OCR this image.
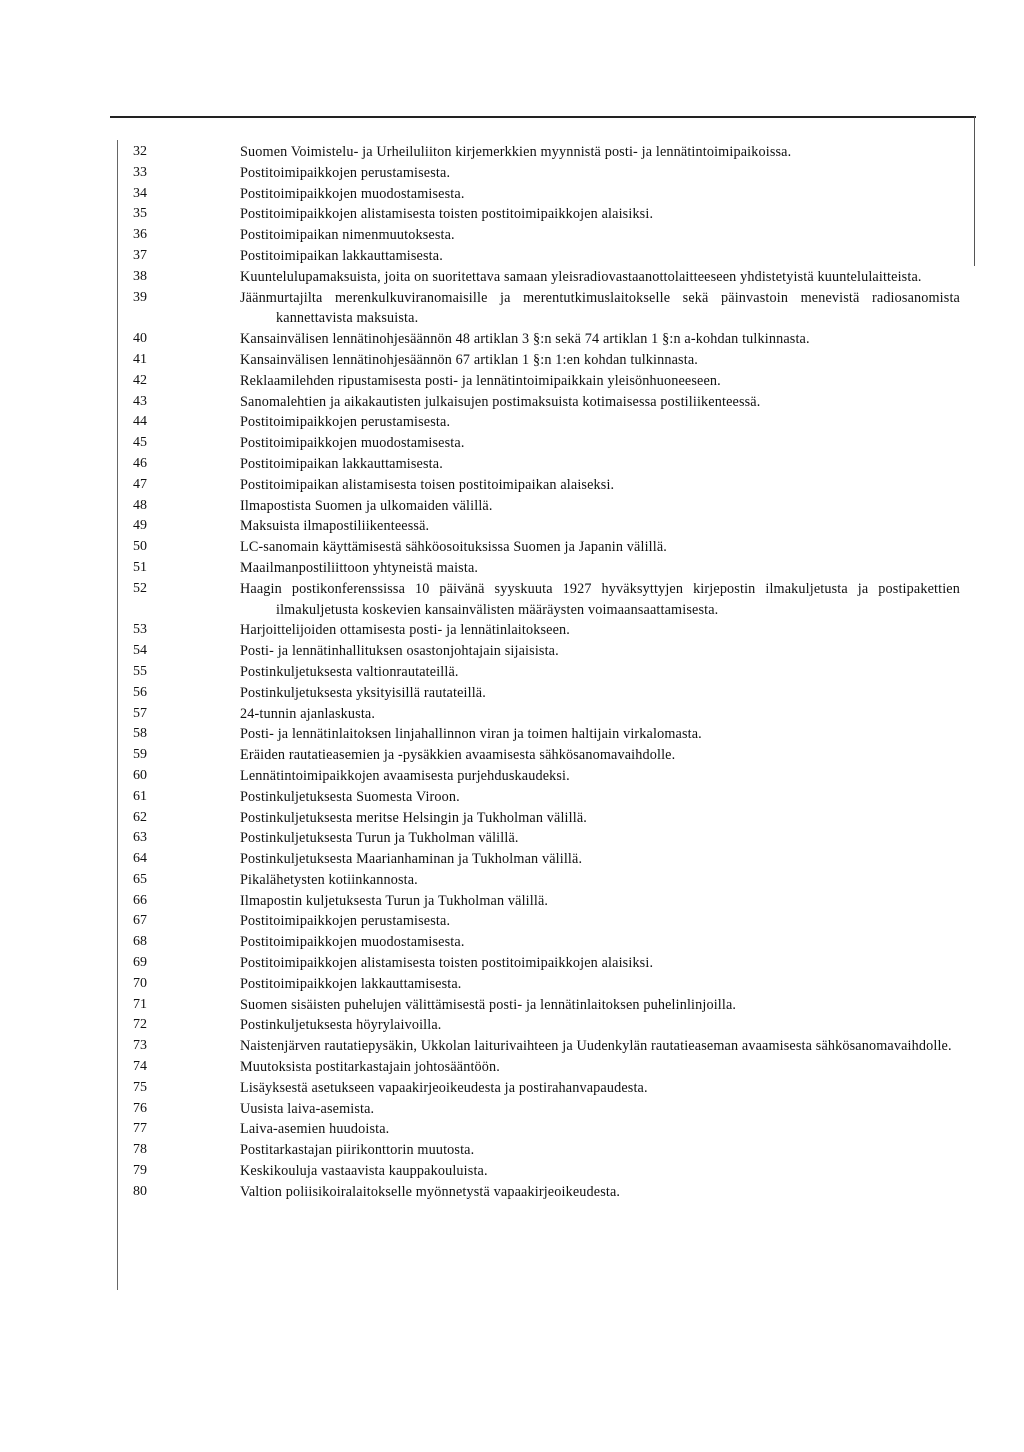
32	Suomen Voimistelu- ja Urheiluliiton kirjemerkkien myynnistä posti- ja lennätintoimipaikoissa.
33	Postitoimipaikkojen perustamisesta.
34	Postitoimipaikkojen muodostamisesta.
35	Postitoimipaikkojen alistamisesta toisten postitoimipaikkojen alaisiksi.
36	Postitoimipaikan nimenmuutoksesta.
37	Postitoimipaikan lakkauttamisesta.
38	Kuuntelulupamaksuista, joita on suoritettava samaan yleisradiovastaanottolaitteeseen yhdistetyistä kuuntelulaitteista.
39	Jäänmurtajilta merenkulkuviranomaisille ja merentutkimuslaitokselle sekä päinvastoin menevistä radiosanomista kannettavista maksuista.
40	Kansainvälisen lennätinohjesäännön 48 artiklan 3 §:n sekä 74 artiklan 1 §:n a-kohdan tulkinnasta.
41	Kansainvälisen lennätinohjesäännön 67 artiklan 1 §:n 1:en kohdan tulkinnasta.
42	Reklaamilehden ripustamisesta posti- ja lennätintoimipaikkain yleisönhuoneeseen.
43	Sanomalehtien ja aikakautisten julkaisujen postimaksuista kotimaisessa postiliikenteessä.
44	Postitoimipaikkojen perustamisesta.
45	Postitoimipaikkojen muodostamisesta.
46	Postitoimipaikan lakkauttamisesta.
47	Postitoimipaikan alistamisesta toisen postitoimipaikan alaiseksi.
48	Ilmapostista Suomen ja ulkomaiden välillä.
49	Maksuista ilmapostiliikenteessä.
50	LC-sanomain käyttämisestä sähköosoituksissa Suomen ja Japanin välillä.
51	Maailmanpostiliittoon yhtyneistä maista.
52	Haagin postikonferenssissa 10 päivänä syyskuuta 1927 hyväksyttyjen kirjepostin ilmakuljetusta ja postipakettien ilmakuljetusta koskevien kansainvälisten määräysten voimaansaattamisesta.
53	Harjoittelijoiden ottamisesta posti- ja lennätinlaitokseen.
54	Posti- ja lennätinhallituksen osastonjohtajain sijaisista.
55	Postinkuljetuksesta valtionrautateillä.
56	Postinkuljetuksesta yksityisillä rautateillä.
57	24-tunnin ajanlaskusta.
58	Posti- ja lennätinlaitoksen linjahallinnon viran ja toimen haltijain virkalomasta.
59	Eräiden rautatieasemien ja -pysäkkien avaamisesta sähkösanomavaihdolle.
60	Lennätintoimipaikkojen avaamisesta purjehduskaudeksi.
61	Postinkuljetuksesta Suomesta Viroon.
62	Postinkuljetuksesta meritse Helsingin ja Tukholman välillä.
63	Postinkuljetuksesta Turun ja Tukholman välillä.
64	Postinkuljetuksesta Maarianhaminan ja Tukholman välillä.
65	Pikalähetysten kotiinkannosta.
66	Ilmapostin kuljetuksesta Turun ja Tukholman välillä.
67	Postitoimipaikkojen perustamisesta.
68	Postitoimipaikkojen muodostamisesta.
69	Postitoimipaikkojen alistamisesta toisten postitoimipaikkojen alaisiksi.
70	Postitoimipaikkojen lakkauttamisesta.
71	Suomen sisäisten puhelujen välittämisestä posti- ja lennätinlaitoksen puhelinlinjoilla.
72	Postinkuljetuksesta höyrylaivoilla.
73	Naistenjärven rautatiepysäkin, Ukkolan laiturivaihteen ja Uudenkylän rautatieaseman avaamisesta sähkösanomavaihdolle.
74	Muutoksista postitarkastajain johtosääntöön.
75	Lisäyksestä asetukseen vapaakirjeoikeudesta ja postirahanvapaudesta.
76	Uusista laiva-asemista.
77	Laiva-asemien huudoista.
78	Postitarkastajan piirikonttorin muutosta.
79	Keskikouluja vastaavista kauppakouluista.
80	Valtion poliisikoiralaitokselle myönnetystä vapaakirjeoikeudesta.
